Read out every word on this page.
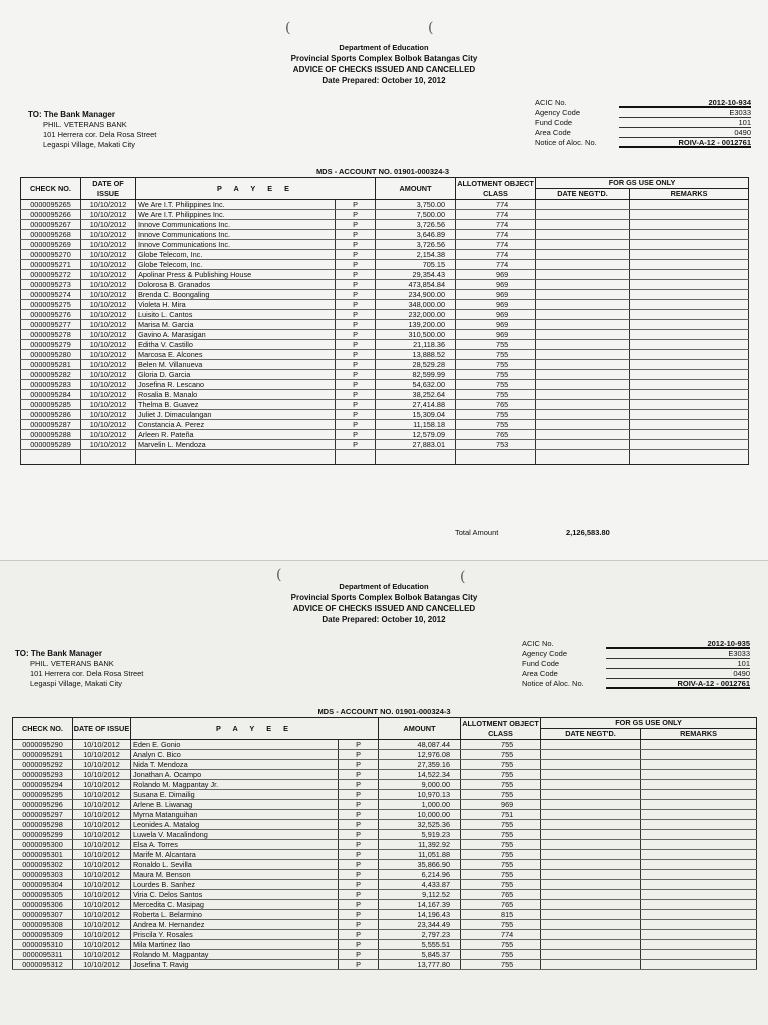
(	(
Department of Education
Provincial Sports Complex Bolbok Batangas City
ADVICE OF CHECKS ISSUED AND CANCELLED
Date Prepared: October 10, 2012
TO: The Bank Manager
PHIL. VETERANS BANK
101 Herrera cor. Dela Rosa Street
Legaspi Village, Makati City
ACIC No.	2012-10-934
Agency Code	E3033
Fund Code	101
Area Code	0490
Notice of Aloc. No.	ROIV-A-12 - 0012761
MDS - ACCOUNT NO. 01901-000324-3
CHECK NO.	DATE OF ISSUE	P A Y E E		AMOUNT	ALLOTMENT OBJECT CLASS	FOR GS USE ONLY	
						DATE NEGT'D.	REMARKS
0000095265	10/10/2012	We Are I.T. Philippines Inc.	P	3,750.00	774		
0000095266	10/10/2012	We Are I.T. Philippines Inc.	P	7,500.00	774		
0000095267	10/10/2012	Innove Communications Inc.	P	3,726.56	774		
0000095268	10/10/2012	Innove Communications Inc.	P	3,646.89	774		
0000095269	10/10/2012	Innove Communications Inc.	P	3,726.56	774		
0000095270	10/10/2012	Globe Telecom, Inc.	P	2,154.38	774		
0000095271	10/10/2012	Globe Telecom, Inc.	P	705.15	774		
0000095272	10/10/2012	Apolinar Press & Publishing House	P	29,354.43	969		
0000095273	10/10/2012	Dolorosa B. Granados	P	473,854.84	969		
0000095274	10/10/2012	Brenda C. Boongaling	P	234,900.00	969		
0000095275	10/10/2012	Violeta H. Mira	P	348,000.00	969		
0000095276	10/10/2012	Luisito L. Cantos	P	232,000.00	969		
0000095277	10/10/2012	Marisa M. Garcia	P	139,200.00	969		
0000095278	10/10/2012	Gavino A. Marasigan	P	310,500.00	969		
0000095279	10/10/2012	Editha V. Castillo	P	21,118.36	755		
0000095280	10/10/2012	Marcosa E. Alcones	P	13,888.52	755		
0000095281	10/10/2012	Belen M. Villanueva	P	28,529.28	755		
0000095282	10/10/2012	Gloria D. Garcia	P	82,599.99	755		
0000095283	10/10/2012	Josefina R. Lescano	P	54,632.00	755		
0000095284	10/10/2012	Rosalia B. Manalo	P	38,252.64	755		
0000095285	10/10/2012	Thelma B. Guavez	P	27,414.88	765		
0000095286	10/10/2012	Juliet J. Dimaculangan	P	15,309.04	755		
0000095287	10/10/2012	Constancia A. Perez	P	11,158.18	755		
0000095288	10/10/2012	Arleen R. Pateña	P	12,579.09	765		
0000095289	10/10/2012	Marvelin L. Mendoza	P	27,883.01	753		

Total Amount	2,126,583.80
(	(
Department of Education
Provincial Sports Complex Bolbok Batangas City
ADVICE OF CHECKS ISSUED AND CANCELLED
Date Prepared: October 10, 2012
TO: The Bank Manager
PHIL. VETERANS BANK
101 Herrera cor. Dela Rosa Street
Legaspi Village, Makati City
ACIC No.	2012-10-935
Agency Code	E3033
Fund Code	101
Area Code	0490
Notice of Aloc. No.	ROIV-A-12 - 0012761
MDS - ACCOUNT NO. 01901-000324-3
CHECK NO.	DATE OF ISSUE	P A Y E E		AMOUNT	ALLOTMENT OBJECT CLASS	FOR GS USE ONLY	
						DATE NEGT'D.	REMARKS
0000095290	10/10/2012	Eden E. Gonio	P	48,087.44	755		
0000095291	10/10/2012	Analyn C. Bico	P	12,976.08	755		
0000095292	10/10/2012	Nida T. Mendoza	P	27,359.16	755		
0000095293	10/10/2012	Jonathan A. Ocampo	P	14,522.34	755		
0000095294	10/10/2012	Rolando M. Magpantay Jr.	P	9,000.00	755		
0000095295	10/10/2012	Susana E. Dimailig	P	10,970.13	755		
0000095296	10/10/2012	Arlene B. Liwanag	P	1,000.00	969		
0000095297	10/10/2012	Myrna Matanguihan	P	10,000.00	751		
0000095298	10/10/2012	Leonides A. Matalog	P	32,525.36	755		
0000095299	10/10/2012	Luwela V. Macalindong	P	5,919.23	755		
0000095300	10/10/2012	Elsa A. Torres	P	11,392.92	755		
0000095301	10/10/2012	Marife M. Alcantara	P	11,051.88	755		
0000095302	10/10/2012	Ronaldo L. Sevilla	P	35,866.90	755		
0000095303	10/10/2012	Maura M. Benson	P	6,214.96	755		
0000095304	10/10/2012	Lourdes B. Sanhez	P	4,433.87	755		
0000095305	10/10/2012	Viria C. Delos Santos	P	9,112.52	765		
0000095306	10/10/2012	Mercedita C. Masipag	P	14,167.39	765		
0000095307	10/10/2012	Roberta L. Belarmino	P	14,196.43	815		
0000095308	10/10/2012	Andrea M. Hernandez	P	23,344.49	755		
0000095309	10/10/2012	Priscila Y. Rosales	P	2,797.23	774		
0000095310	10/10/2012	Mila Martinez Ilao	P	5,555.51	755		
0000095311	10/10/2012	Rolando M. Magpantay	P	5,845.37	755		
0000095312	10/10/2012	Josefina T. Ravig	P	13,777.80	755		
